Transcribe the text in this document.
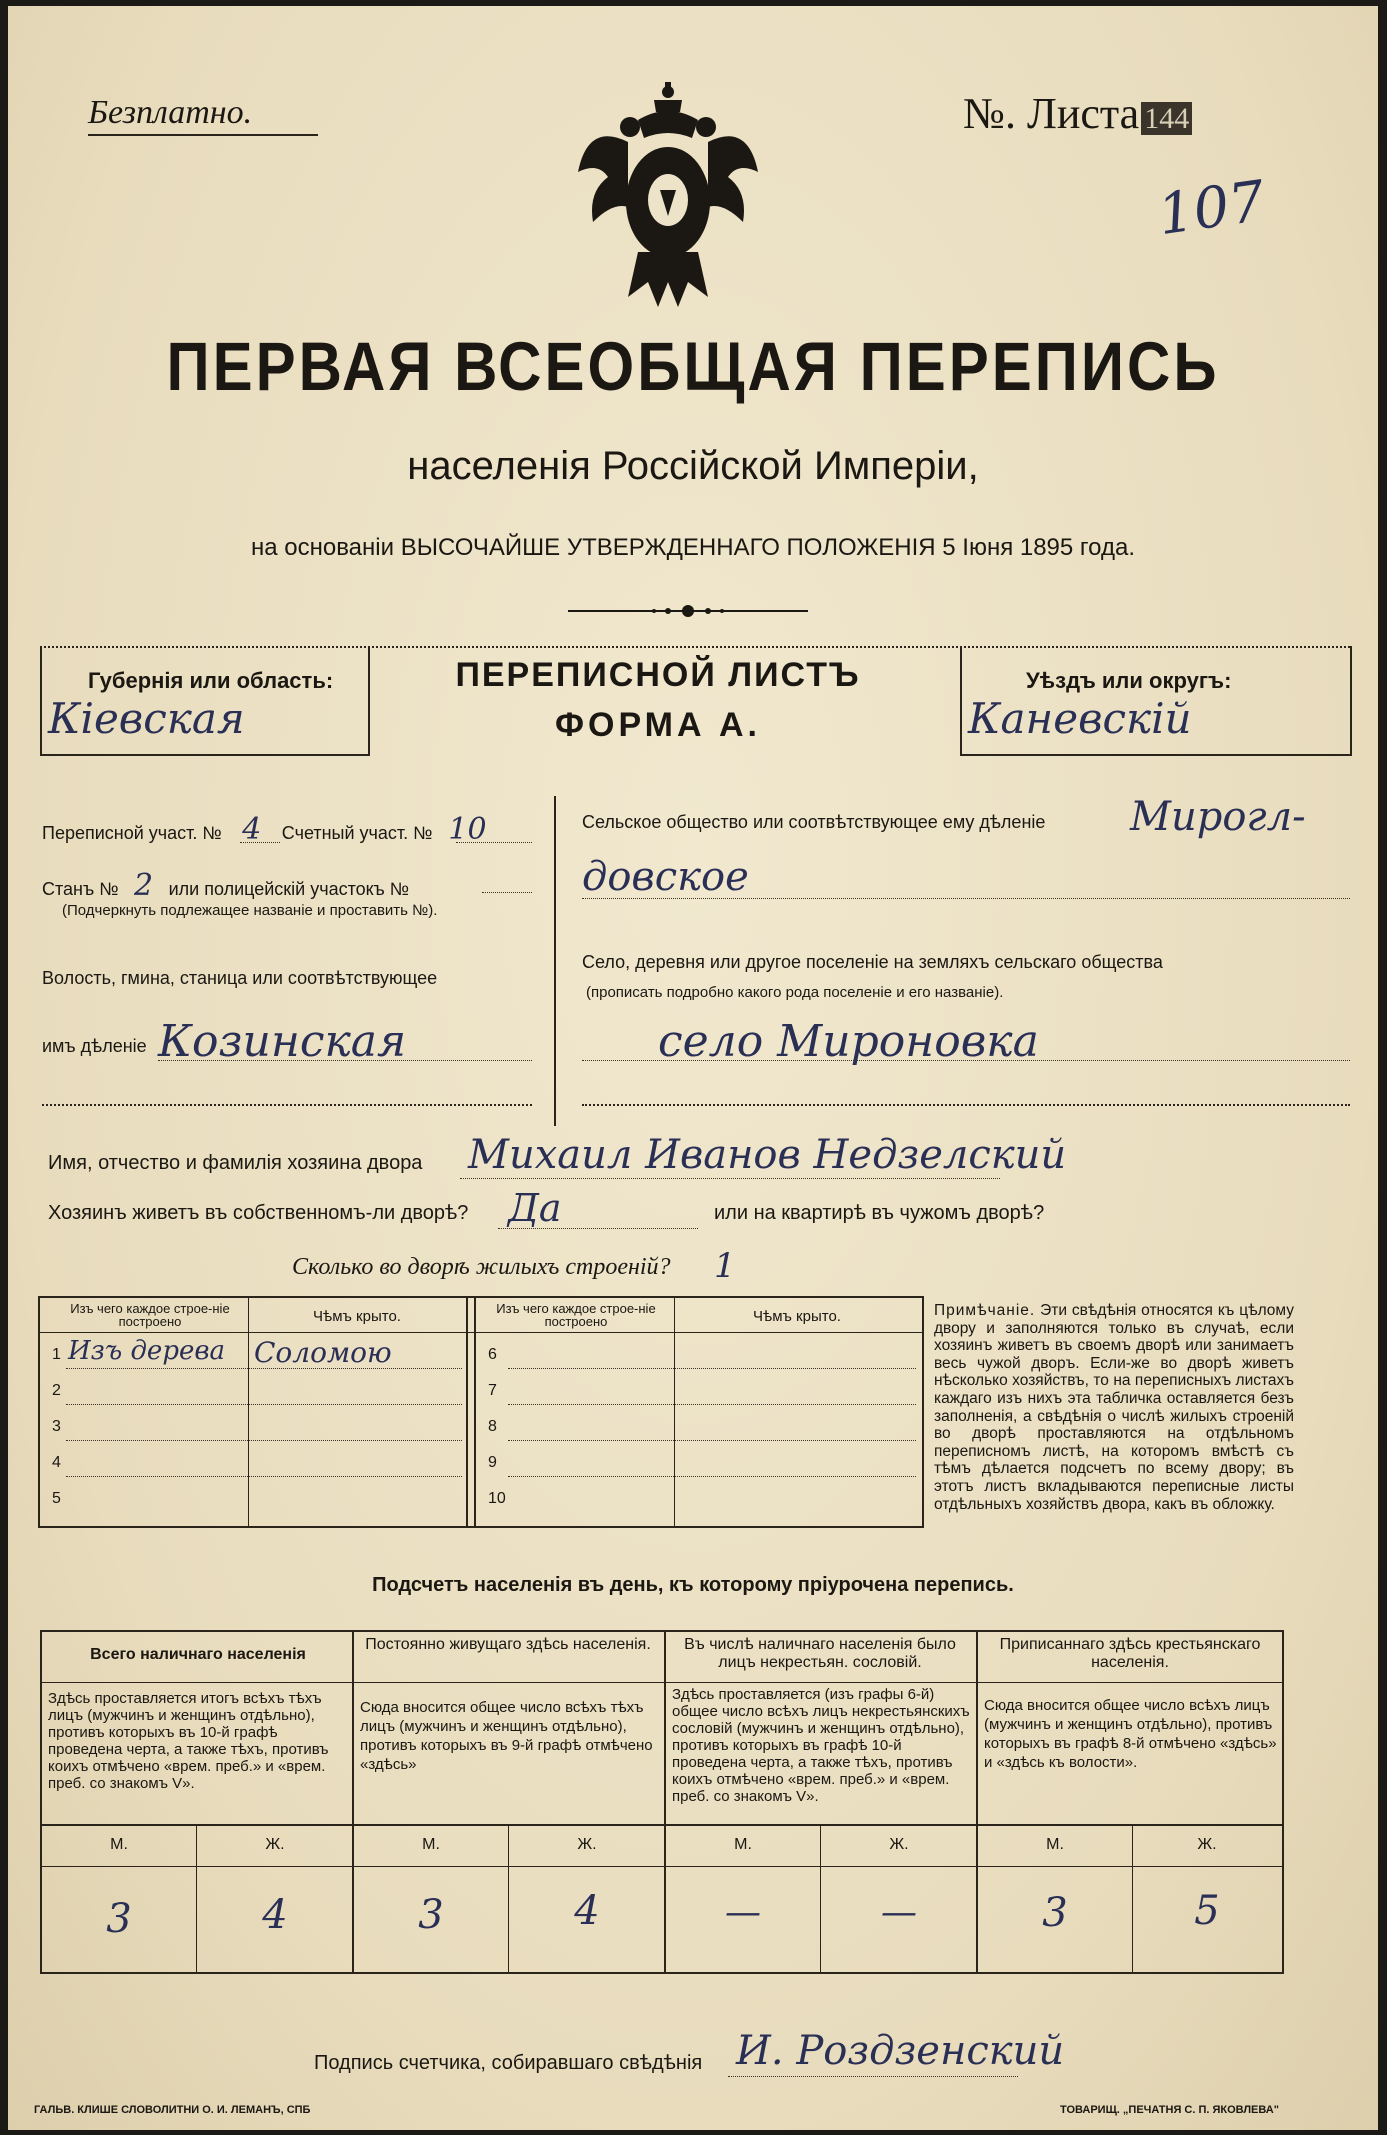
Безплатно.	№. Листа 144
107
ПЕРВАЯ ВСЕОБЩАЯ ПЕРЕПИСЬ
населенія Россійской Имперіи,
на основаніи ВЫСОЧАЙШЕ УТВЕРЖДЕННАГО ПОЛОЖЕНІЯ 5 Іюня 1895 года.
Губернія или область:
Кіевская
ПЕРЕПИСНОЙ ЛИСТЪ
ФОРМА А.
Уѣздъ или округъ:
Каневскій
Переписной участ. № 4 Счетный участ. № 10
Станъ № 2 или полицейскій участокъ №
(Подчеркнуть подлежащее названіе и проставить №).
Волость, гмина, станица или соотвѣтствующее
имъ дѣленіе Козинская
Сельское общество или соотвѣтствующее ему дѣленіе Мирогл-
довское
Село, деревня или другое поселеніе на земляхъ сельскаго общества
(прописать подробно какого рода поселеніе и его названіе).
село Мироновка
Имя, отчество и фамилія хозяина двора Михаил Иванов Недзелский
Хозяинъ живетъ въ собственномъ-ли дворѣ? Да	или на квартирѣ въ чужомъ дворѣ?
Сколько во дворѣ жилыхъ строеній? 1
Изъ чего каждое строе-ніе построено	Чѣмъ крыто.	Изъ чего каждое строе-ніе построено	Чѣмъ крыто.
1 Изъ дерева Соломою
2
3
4
5
6
7
8
9
10
Примѣчаніе. Эти свѣдѣнія относятся къ цѣлому двору и заполняются только въ случаѣ, если хозяинъ живетъ въ своемъ дворѣ или занимаетъ весь чужой дворъ. Если-же во дворѣ живетъ нѣсколько хозяйствъ, то на переписныхъ листахъ каждаго изъ нихъ эта табличка оставляется безъ заполненія, а свѣдѣнія о числѣ жилыхъ строеній во дворѣ проставляются на отдѣльномъ переписномъ листѣ, на которомъ вмѣстѣ съ тѣмъ дѣлается подсчетъ по всему двору; въ этотъ листъ вкладываются переписные листы отдѣльныхъ хозяйствъ двора, какъ въ обложку.
Подсчетъ населенія въ день, къ которому пріурочена перепись.
Всего наличнаго населенія
Здѣсь проставляется итогъ всѣхъ тѣхъ лицъ (мужчинъ и женщинъ отдѣльно), противъ которыхъ въ 10-й графѣ проведена черта, а также тѣхъ, противъ коихъ отмѣчено «врем. преб.» и «врем. преб. со знакомъ V».
М.	Ж.
3	4
Постоянно живущаго здѣсь населенія.
Сюда вносится общее число всѣхъ тѣхъ лицъ (мужчинъ и женщинъ отдѣльно), противъ которыхъ въ 9-й графѣ отмѣчено «здѣсь»
М.	Ж.
3	4
Въ числѣ наличнаго населенія было лицъ некрестьян. сословій.
Здѣсь проставляется (изъ графы 6-й) общее число всѣхъ лицъ некрестьянскихъ сословій (мужчинъ и женщинъ отдѣльно), противъ которыхъ въ графѣ 10-й проведена черта, а также тѣхъ, противъ коихъ отмѣчено «врем. преб.» и «врем. преб. со знакомъ V».
М.	Ж.
—	—
Приписаннаго здѣсь крестьянскаго населенія.
Сюда вносится общее число всѣхъ лицъ (мужчинъ и женщинъ отдѣльно), противъ которыхъ въ графѣ 8-й отмѣчено «здѣсь» и «здѣсь къ волости».
М.	Ж.
3	5
Подпись счетчика, собиравшаго свѣдѣнія И. Роздзенский
ГАЛЬВ. КЛИШЕ СЛОВОЛИТНИ О. И. ЛЕМАНЪ, СПБ	ТОВАРИЩ. „ПЕЧАТНЯ С. П. ЯКОВЛЕВА"
